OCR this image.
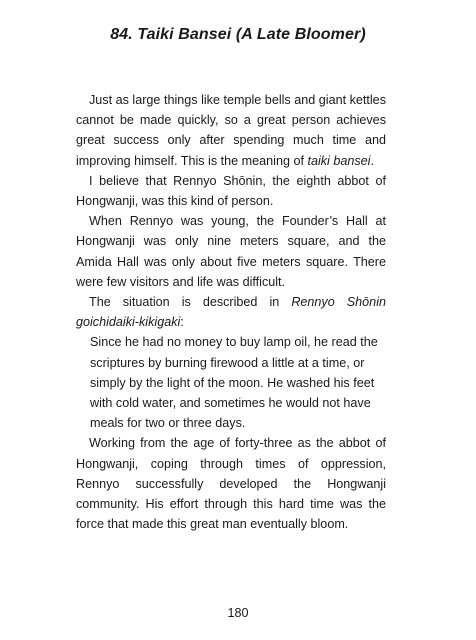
84. Taiki Bansei (A Late Bloomer)

Just as large things like temple bells and giant kettles cannot be made quickly, so a great person achieves great success only after spending much time and improving himself. This is the meaning of taiki bansei.

I believe that Rennyo Shōnin, the eighth abbot of Hongwanji, was this kind of person.

When Rennyo was young, the Founder’s Hall at Hongwanji was only nine meters square, and the Amida Hall was only about five meters square. There were few visitors and life was difficult.

The situation is described in Rennyo Shōnin goichidaiki-kikigaki:

Since he had no money to buy lamp oil, he read the scriptures by burning firewood a little at a time, or simply by the light of the moon. He washed his feet with cold water, and sometimes he would not have meals for two or three days.

Working from the age of forty-three as the abbot of Hongwanji, coping through times of oppression, Rennyo successfully developed the Hongwanji community. His effort through this hard time was the force that made this great man eventually bloom.

180
